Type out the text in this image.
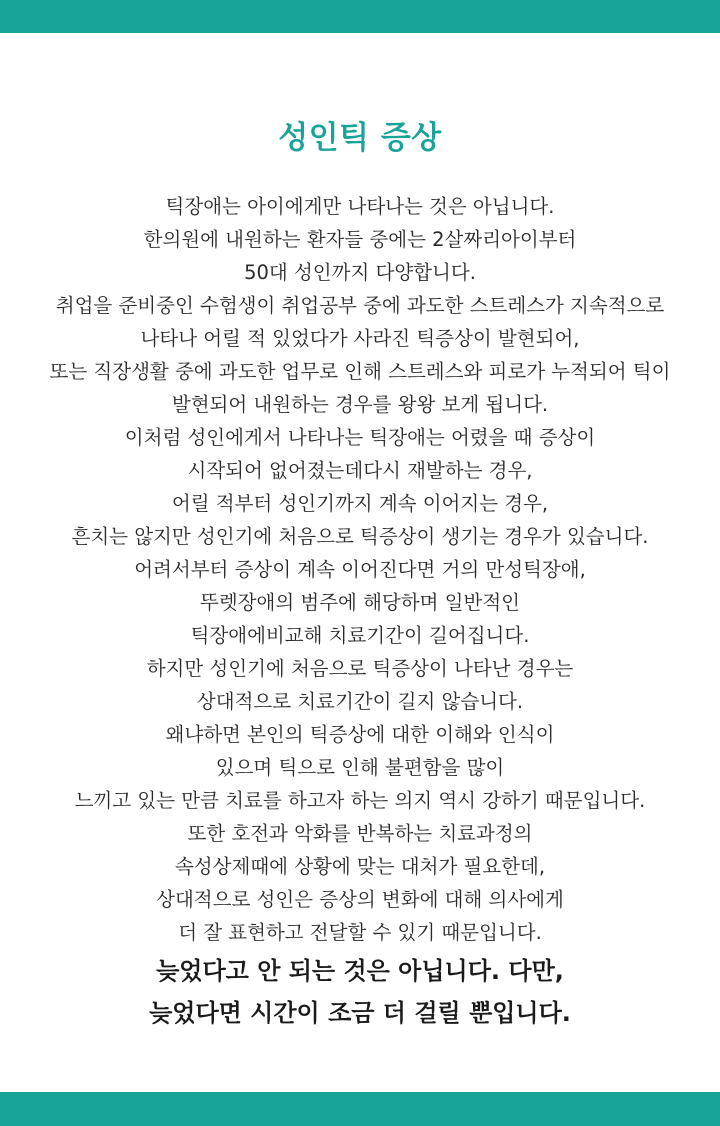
성인틱 증상
틱장애는 아이에게만 나타나는 것은 아닙니다.
한의원에 내원하는 환자들 중에는 2살짜리아이부터
50대 성인까지 다양합니다.
취업을 준비중인 수험생이 취업공부 중에 과도한 스트레스가 지속적으로
나타나 어릴 적 있었다가 사라진 틱증상이 발현되어,
또는 직장생활 중에 과도한 업무로 인해 스트레스와 피로가 누적되어 틱이
발현되어 내원하는 경우를 왕왕 보게 됩니다.
이처럼 성인에게서 나타나는 틱장애는 어렸을 때 증상이
시작되어 없어졌는데다시 재발하는 경우,
어릴 적부터 성인기까지 계속 이어지는 경우,
흔치는 않지만 성인기에 처음으로 틱증상이 생기는 경우가 있습니다.
어려서부터 증상이 계속 이어진다면 거의 만성틱장애,
뚜렛장애의 범주에 해당하며 일반적인
틱장애에비교해 치료기간이 길어집니다.
하지만 성인기에 처음으로 틱증상이 나타난 경우는
상대적으로 치료기간이 길지 않습니다.
왜냐하면 본인의 틱증상에 대한 이해와 인식이
있으며 틱으로 인해 불편함을 많이
느끼고 있는 만큼 치료를 하고자 하는 의지 역시 강하기 때문입니다.
또한 호전과 악화를 반복하는 치료과정의
속성상제때에 상황에 맞는 대처가 필요한데,
상대적으로 성인은 증상의 변화에 대해 의사에게
더 잘 표현하고 전달할 수 있기 때문입니다.
늦었다고 안 되는 것은 아닙니다. 다만,
늦었다면 시간이 조금 더 걸릴 뿐입니다.
